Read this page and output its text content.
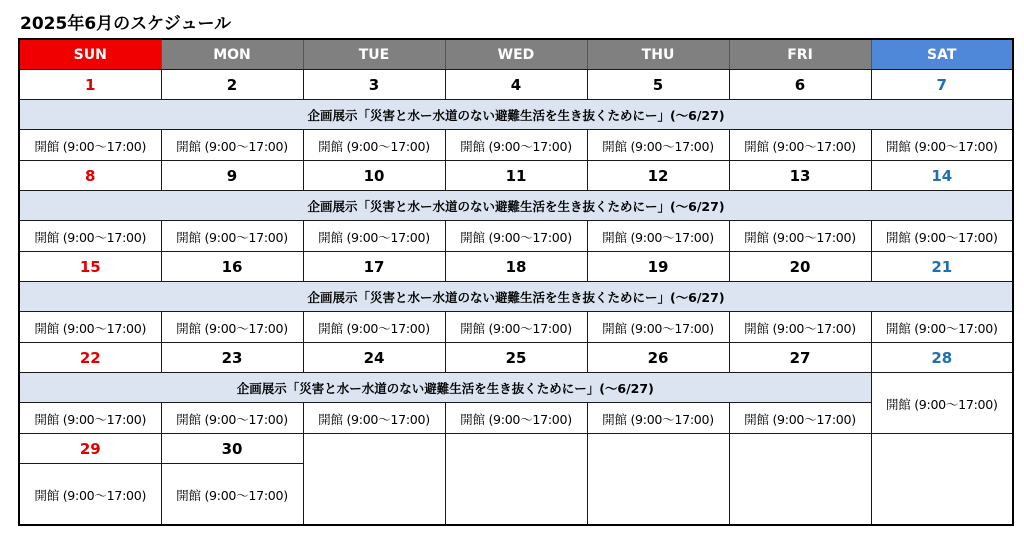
2025年6月のスケジュール
SUN	MON	TUE	WED	THU	FRI	SAT
1	2	3	4	5	6	7
企画展示「災害と水ー水道のない避難生活を生き抜くためにー」(～6/27)						
開館 (9:00～17:00)	開館 (9:00～17:00)	開館 (9:00～17:00)	開館 (9:00～17:00)	開館 (9:00～17:00)	開館 (9:00～17:00)	開館 (9:00～17:00)
8	9	10	11	12	13	14
企画展示「災害と水ー水道のない避難生活を生き抜くためにー」(～6/27)						
開館 (9:00～17:00)	開館 (9:00～17:00)	開館 (9:00～17:00)	開館 (9:00～17:00)	開館 (9:00～17:00)	開館 (9:00～17:00)	開館 (9:00～17:00)
15	16	17	18	19	20	21
企画展示「災害と水ー水道のない避難生活を生き抜くためにー」(～6/27)						
開館 (9:00～17:00)	開館 (9:00～17:00)	開館 (9:00～17:00)	開館 (9:00～17:00)	開館 (9:00～17:00)	開館 (9:00～17:00)	開館 (9:00～17:00)
22	23	24	25	26	27	28
企画展示「災害と水ー水道のない避難生活を生き抜くためにー」(～6/27)						開館 (9:00～17:00)
開館 (9:00～17:00)	開館 (9:00～17:00)	開館 (9:00～17:00)	開館 (9:00～17:00)	開館 (9:00～17:00)	開館 (9:00～17:00)	
29	30					
開館 (9:00～17:00)	開館 (9:00～17:00)					
